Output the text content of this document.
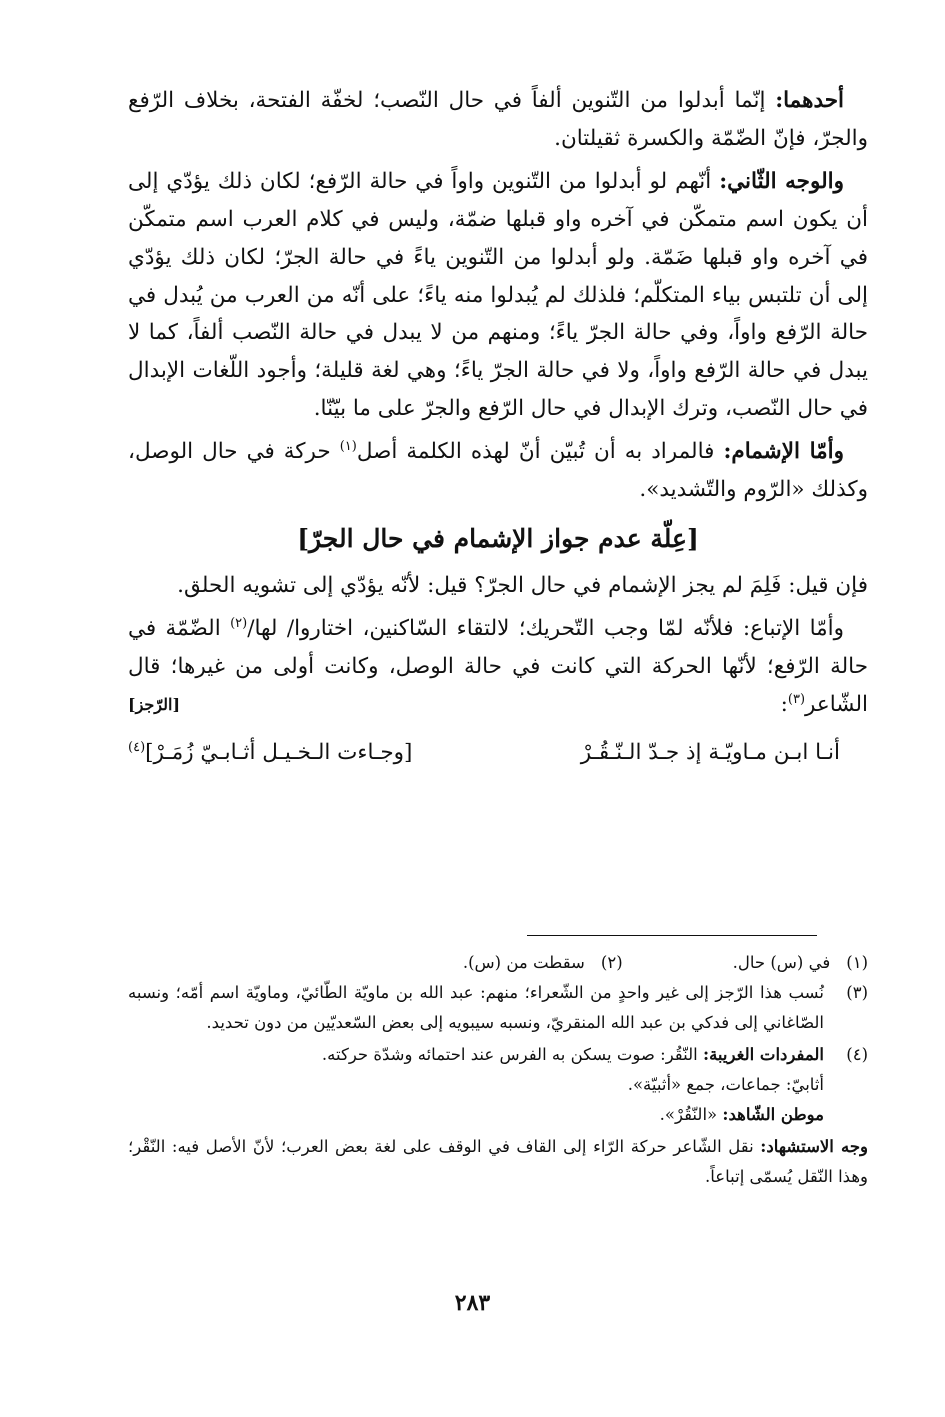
أحدهما: إنّما أبدلوا من التّنوين ألفاً في حال النّصب؛ لخفّة الفتحة، بخلاف الرّفع والجرّ، فإنّ الضّمّة والكسرة ثقيلتان.

والوجه الثّاني: أنّهم لو أبدلوا من التّنوين واواً في حالة الرّفع؛ لكان ذلك يؤدّي إلى أن يكون اسم متمكّن في آخره واو قبلها ضمّة، وليس في كلام العرب اسم متمكّن في آخره واو قبلها ضَمّة. ولو أبدلوا من التّنوين ياءً في حالة الجرّ؛ لكان ذلك يؤدّي إلى أن تلتبس بياء المتكلّم؛ فلذلك لم يُبدلوا منه ياءً؛ على أنّه من العرب من يُبدل في حالة الرّفع واواً، وفي حالة الجرّ ياءً؛ ومنهم من لا يبدل في حالة النّصب ألفاً، كما لا يبدل في حالة الرّفع واواً، ولا في حالة الجرّ ياءً؛ وهي لغة قليلة؛ وأجود اللّغات الإبدال في حال النّصب، وترك الإبدال في حال الرّفع والجرّ على ما بيّنّا.

وأمّا الإشمام: فالمراد به أن تُبيّن أنّ لهذه الكلمة أصل$^{(١)}$ حركة في حال الوصل، وكذلك «الرّوم والتّشديد».

[عِلّة عدم جواز الإشمام في حال الجرّ]

فإن قيل: فَلِمَ لم يجز الإشمام في حال الجرّ؟ قيل: لأنّه يؤدّي إلى تشويه الحلق.

وأمّا الإتباع: فلأنّه لمّا وجب التّحريك؛ لالتقاء السّاكنين، اختاروا/ لها/$^{(٢)}$ الضّمّة في حالة الرّفع؛ لأنّها الحركة التي كانت في حالة الوصل، وكانت أولى من غيرها؛ قال الشّاعر$^{(٣)}$:
[الرّجز]

أنـا ابـن مـاويّـة إذ جـدّ الـنّـقُـرْ
[وجـاءت الـخـيـل أثـابـيّ زُمَـرْ]$^{(٤)}$
(١)
في (س) حال.
(٢)
سقطت من (س).
(٣)
نُسب هذا الرّجز إلى غير واحدٍ من الشّعراء؛ منهم: عبد الله بن ماويّة الطّائيّ، وماويّة اسم أمّه؛ ونسبه الصّاغاني إلى فدكي بن عبد الله المنقريّ، ونسبه سيبويه إلى بعض السّعديّين من دون تحديد.
(٤)
المفردات الغريبة: النّقُر: صوت يسكن به الفرس عند احتمائه وشدّة حركته.
أثابيّ: جماعات، جمع «أثبيّة».
موطن الشّاهد: «النّقُرْ».
وجه الاستشهاد: نقل الشّاعر حركة الرّاء إلى القاف في الوقف على لغة بعض العرب؛ لأنّ الأصل فيه: النّقْر؛ وهذا النّقل يُسمّى إتباعاً.
٢٨٣
